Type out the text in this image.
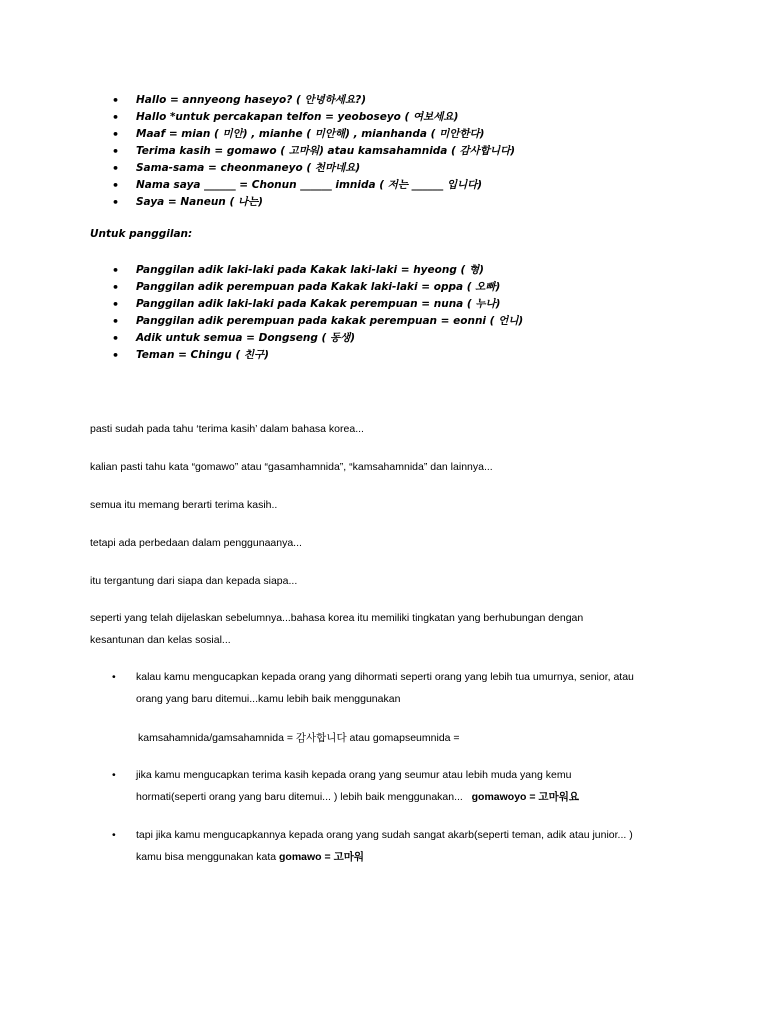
• Hallo = annyeong haseyo? ( 안녕하세요?)
• Hallo *untuk percakapan telfon = yeoboseyo ( 여보세요)
• Maaf = mian ( 미안) , mianhe ( 미안해) , mianhanda ( 미안한다)
• Terima kasih = gomawo ( 고마워) atau kamsahamnida ( 감사합니다)
• Sama-sama = cheonmaneyo ( 천마네요)
• Nama saya ______ = Chonun ______ imnida ( 저는 ______ 입니다)
• Saya = Naneun ( 나는)
Untuk panggilan:
• Panggilan adik laki-laki pada Kakak laki-laki = hyeong ( 형)
• Panggilan adik perempuan pada Kakak laki-laki = oppa ( 오빠)
• Panggilan adik laki-laki pada Kakak perempuan = nuna ( 누나)
• Panggilan adik perempuan pada kakak perempuan = eonni ( 언니)
• Adik untuk semua = Dongseng ( 동생)
• Teman = Chingu ( 친구)
pasti sudah pada tahu ‘terima kasih’ dalam bahasa korea...
kalian pasti tahu kata “gomawo” atau “gasamhamnida”, “kamsahamnida” dan lainnya...
semua itu memang berarti terima kasih..
tetapi ada perbedaan dalam penggunaanya...
itu tergantung dari siapa dan kepada siapa...
seperti yang telah dijelaskan sebelumnya...bahasa korea itu memiliki tingkatan yang berhubungan dengan
kesantunan dan kelas sosial...
• kalau kamu mengucapkan kepada orang yang dihormati seperti orang yang lebih tua umurnya, senior, atau
orang yang baru ditemui...kamu lebih baik menggunakan
kamsahamnida/gamsahamnida = 감사합니다 atau gomapseumnida =
• jika kamu mengucapkan terima kasih kepada orang yang seumur atau lebih muda yang kemu
hormati(seperti orang yang baru ditemui... ) lebih baik menggunakan... gomawoyo = 고마워요
• tapi jika kamu mengucapkannya kepada orang yang sudah sangat akarb(seperti teman, adik atau junior... )
kamu bisa menggunakan kata gomawo = 고마워
